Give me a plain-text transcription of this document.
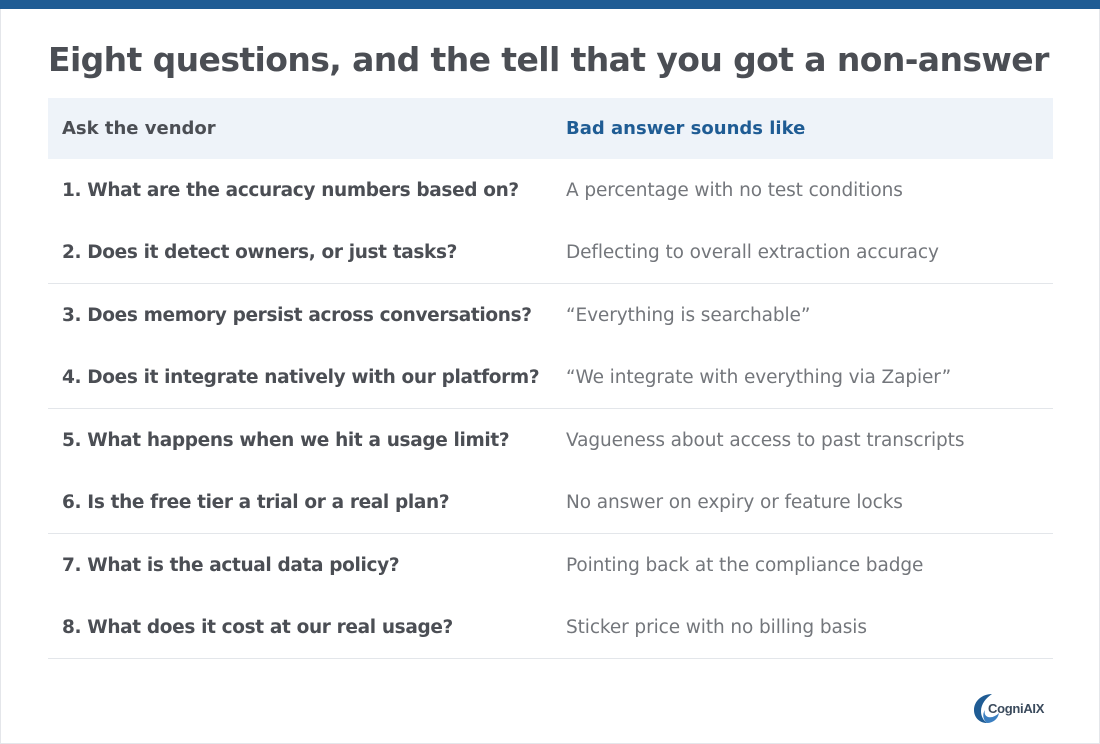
Eight questions, and the tell that you got a non-answer
Ask the vendor	Bad answer sounds like
1. What are the accuracy numbers based on?	A percentage with no test conditions
2. Does it detect owners, or just tasks?	Deflecting to overall extraction accuracy
3. Does memory persist across conversations?	“Everything is searchable”
4. Does it integrate natively with our platform?	“We integrate with everything via Zapier”
5. What happens when we hit a usage limit?	Vagueness about access to past transcripts
6. Is the free tier a trial or a real plan?	No answer on expiry or feature locks
7. What is the actual data policy?	Pointing back at the compliance badge
8. What does it cost at our real usage?	Sticker price with no billing basis
CogniAIX
